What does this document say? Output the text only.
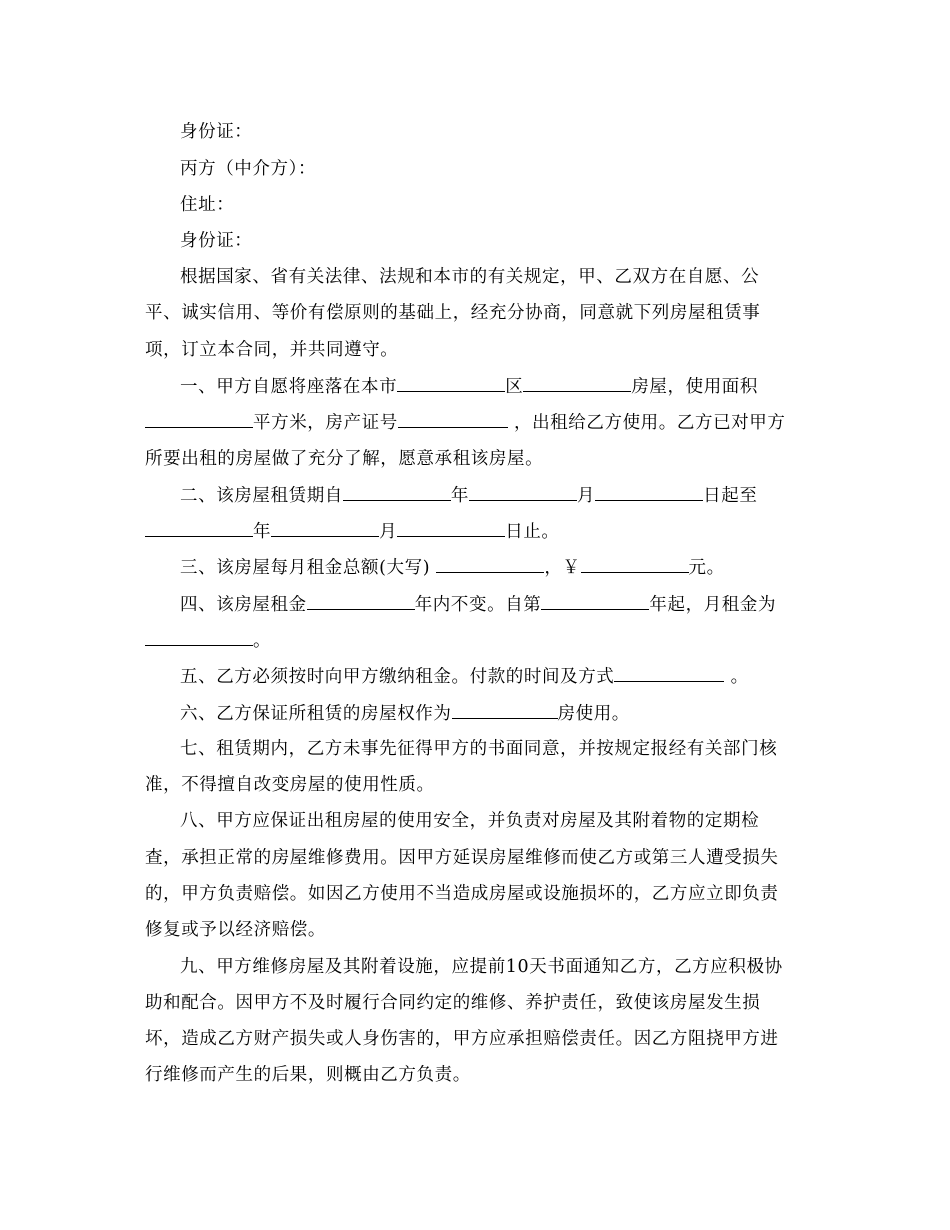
身份证：
丙方（中介方）：
住址：
身份证：
根据国家、省有关法律、法规和本市的有关规定，甲、乙双方在自愿、公
平、诚实信用、等价有偿原则的基础上，经充分协商，同意就下列房屋租赁事
项，订立本合同，并共同遵守。
一、甲方自愿将座落在本市	区	房屋，使用面积
平方米，房产证号	，出租给乙方使用。乙方已对甲方
所要出租的房屋做了充分了解，愿意承租该房屋。
二、该房屋租赁期自	年	月	日起至
年	月	日止。
三、该房屋每月租金总额(大写)	，￥	元。
四、该房屋租金	年内不变。自第	年起，月租金为
。
五、乙方必须按时向甲方缴纳租金。付款的时间及方式	。
六、乙方保证所租赁的房屋权作为	房使用。
七、租赁期内，乙方未事先征得甲方的书面同意，并按规定报经有关部门核
准，不得擅自改变房屋的使用性质。
八、甲方应保证出租房屋的使用安全，并负责对房屋及其附着物的定期检
查，承担正常的房屋维修费用。因甲方延误房屋维修而使乙方或第三人遭受损失
的，甲方负责赔偿。如因乙方使用不当造成房屋或设施损坏的，乙方应立即负责
修复或予以经济赔偿。
九、甲方维修房屋及其附着设施，应提前10天书面通知乙方，乙方应积极协
助和配合。因甲方不及时履行合同约定的维修、养护责任，致使该房屋发生损
坏，造成乙方财产损失或人身伤害的，甲方应承担赔偿责任。因乙方阻挠甲方进
行维修而产生的后果，则概由乙方负责。
